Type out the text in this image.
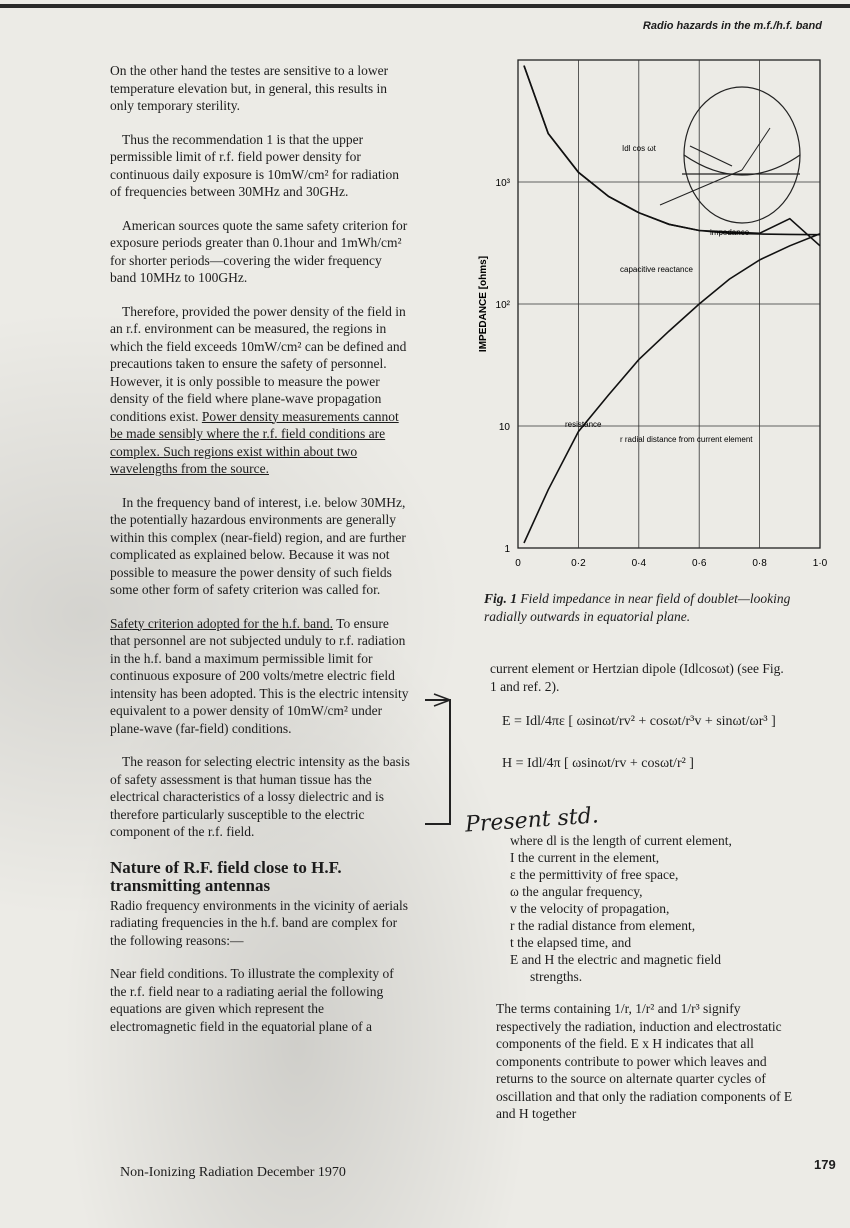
Radio hazards in the m.f./h.f. band

On the other hand the testes are sensitive to a lower temperature elevation but, in general, this results in only temporary sterility.

Thus the recommendation 1 is that the upper permissible limit of r.f. field power density for continuous daily exposure is 10mW/cm² for radiation of frequencies between 30MHz and 30GHz.

American sources quote the same safety criterion for exposure periods greater than 0.1hour and 1mWh/cm² for shorter periods—covering the wider frequency band 10MHz to 100GHz.

Therefore, provided the power density of the field in an r.f. environment can be measured, the regions in which the field exceeds 10mW/cm² can be defined and precautions taken to ensure the safety of personnel. However, it is only possible to measure the power density of the field where plane-wave propagation conditions exist. Power density measurements cannot be made sensibly where the r.f. field conditions are complex. Such regions exist within about two wavelengths from the source.

In the frequency band of interest, i.e. below 30MHz, the potentially hazardous environments are generally within this complex (near-field) region, and are further complicated as explained below. Because it was not possible to measure the power density of such fields some other form of safety criterion was called for.

Safety criterion adopted for the h.f. band. To ensure that personnel are not subjected unduly to r.f. radiation in the h.f. band a maximum permissible limit for continuous exposure of 200 volts/metre electric field intensity has been adopted. This is the electric intensity equivalent to a power density of 10mW/cm² under plane-wave (far-field) conditions.

The reason for selecting electric intensity as the basis of safety assessment is that human tissue has the electrical characteristics of a lossy dielectric and is therefore particularly susceptible to the electric component of the r.f. field.

Nature of R.F. field close to H.F. transmitting antennas

Radio frequency environments in the vicinity of aerials radiating frequencies in the h.f. band are complex for the following reasons:—

Near field conditions. To illustrate the complexity of the r.f. field near to a radiating aerial the following equations are given which represent the electromagnetic field in the equatorial plane of a

0	0·2	0·4	0·6	0·8	1·0
1
10
10²
10³
IMPEDANCE [ohms]
Idl cos ωt
impedance
capacitive reactance
resistance
r radial distance from current element
Fig. 1 Field impedance in near field of doublet—looking radially outwards in equatorial plane.
current element or Hertzian dipole (Idlcosωt) (see Fig. 1 and ref. 2).
E = Idl/4πε [ ωsinωt/rv² + cosωt/r³v + sinωt/ωr³ ]
H = Idl/4π [ ωsinωt/rv + cosωt/r² ]
Present std.
where dl is the length of current element,
I the current in the element,
ε the permittivity of free space,
ω the angular frequency,
v the velocity of propagation,
r the radial distance from element,
t the elapsed time, and
E and H the electric and magnetic field
strengths.
The terms containing 1/r, 1/r² and 1/r³ signify respectively the radiation, induction and electrostatic components of the field. E x H indicates that all components contribute to power which leaves and returns to the source on alternate quarter cycles of oscillation and that only the radiation components of E and H together
Non-Ionizing Radiation December 1970
179
